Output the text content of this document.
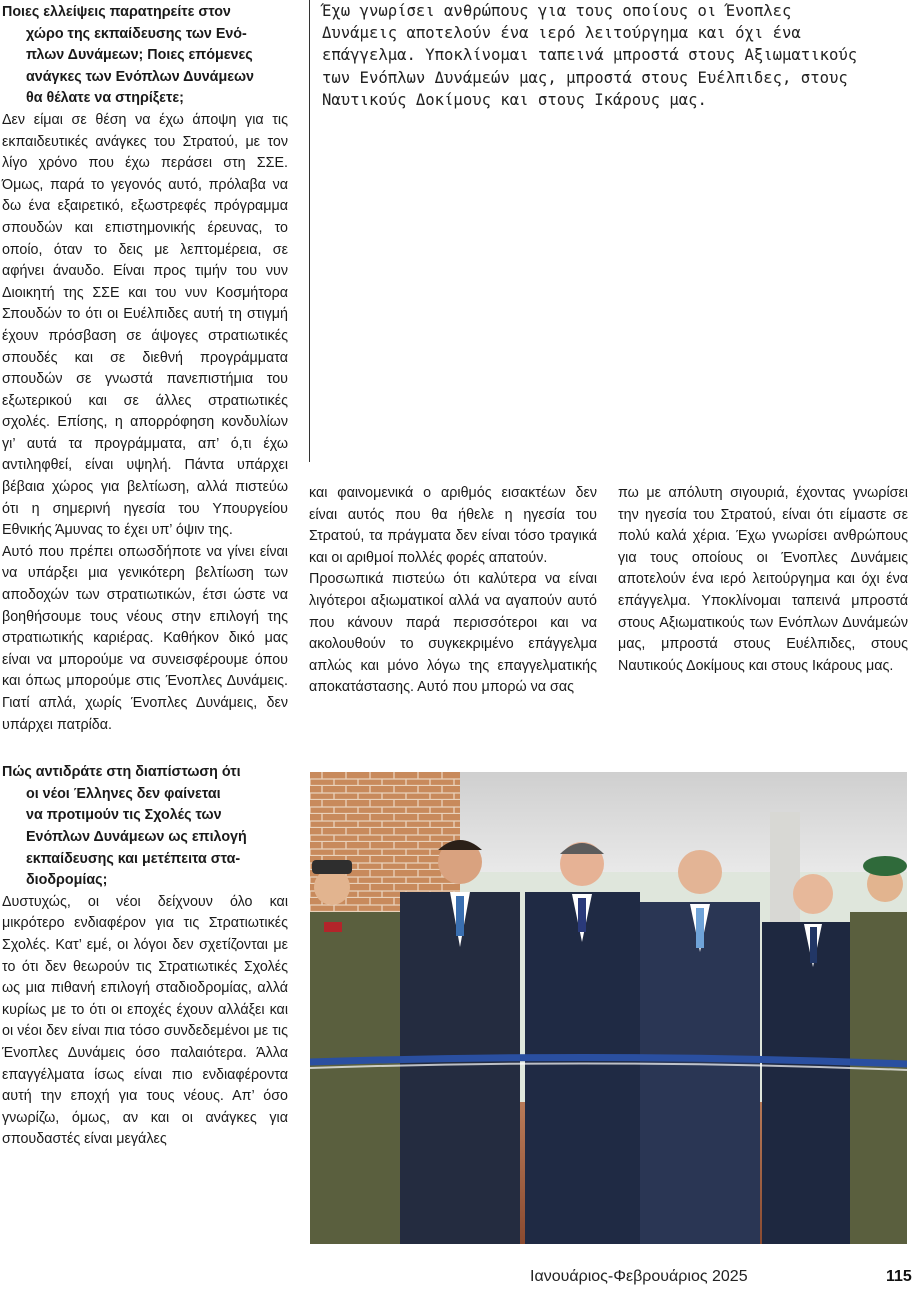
Ποιες ελλείψεις παρατηρείτε στον
χώρο της εκπαίδευσης των Ενό-
πλων Δυνάμεων; Ποιες επόμενες
ανάγκες των Ενόπλων Δυνάμεων
θα θέλατε να στηρίξετε;

Δεν είμαι σε θέση να έχω άποψη για τις εκπαιδευτικές ανάγκες του Στρατού, με τον λίγο χρόνο που έχω περάσει στη ΣΣΕ. Όμως, παρά το γεγονός αυτό, πρόλαβα να δω ένα εξαιρετικό, εξωστρεφές πρόγραμμα σπουδών και επιστημονικής έρευνας, το οποίο, όταν το δεις με λεπτομέρεια, σε αφήνει άναυδο. Είναι προς τιμήν του νυν Διοικητή της ΣΣΕ και του νυν Κοσμήτορα Σπουδών το ότι οι Ευέλπιδες αυτή τη στιγμή έχουν πρόσβαση σε άψογες στρατιωτικές σπουδές και σε διεθνή προγράμματα σπουδών σε γνωστά πανεπιστήμια του εξωτερικού και σε άλλες στρατιωτικές σχολές. Επίσης, η απορρόφηση κονδυλίων γι’ αυτά τα προγράμματα, απ’ ό,τι έχω αντιληφθεί, είναι υψηλή. Πάντα υπάρχει βέβαια χώρος για βελτίωση, αλλά πιστεύω ότι η σημερινή ηγεσία του Υπουργείου Εθνικής Άμυνας το έχει υπ’ όψιν της.

Αυτό που πρέπει οπωσδήποτε να γίνει είναι να υπάρξει μια γενικότερη βελτίωση των αποδοχών των στρατιωτικών, έτσι ώστε να βοηθήσουμε τους νέους στην επιλογή της στρατιωτικής καριέρας. Καθήκον δικό μας είναι να μπορούμε να συνεισφέρουμε όπου και όπως μπορούμε στις Ένοπλες Δυνάμεις. Γιατί απλά, χωρίς Ένοπλες Δυνάμεις, δεν υπάρχει πατρίδα.

Πώς αντιδράτε στη διαπίστωση ότι
οι νέοι Έλληνες δεν φαίνεται
να προτιμούν τις Σχολές των
Ενόπλων Δυνάμεων ως επιλογή
εκπαίδευσης και μετέπειτα στα-
διοδρομίας;

Δυστυχώς, οι νέοι δείχνουν όλο και μικρότερο ενδιαφέρον για τις Στρατιωτικές Σχολές. Κατ’ εμέ, οι λόγοι δεν σχετίζονται με το ότι δεν θεωρούν τις Στρατιωτικές Σχολές ως μια πιθανή επιλογή σταδιοδρομίας, αλλά κυρίως με το ότι οι εποχές έχουν αλλάξει και οι νέοι δεν είναι πια τόσο συνδεδεμένοι με τις Ένοπλες Δυνάμεις όσο παλαιότερα. Άλλα επαγγέλματα ίσως είναι πιο ενδιαφέροντα αυτή την εποχή για τους νέους. Απ’ όσο γνωρίζω, όμως, αν και οι ανάγκες για σπουδαστές είναι μεγάλες

Έχω γνωρίσει ανθρώπους για τους οποίους οι Ένοπλες
Δυνάμεις αποτελούν ένα ιερό λειτούργημα και όχι ένα
επάγγελμα. Υποκλίνομαι ταπεινά μπροστά στους Αξιωματικούς
των Ενόπλων Δυνάμεών μας, μπροστά στους Ευέλπιδες, στους
Ναυτικούς Δοκίμους και στους Ικάρους μας.

και φαινομενικά ο αριθμός εισακτέων δεν είναι αυτός που θα ήθελε η ηγεσία του Στρατού, τα πράγματα δεν είναι τόσο τραγικά και οι αριθμοί πολλές φορές απατούν.

Προσωπικά πιστεύω ότι καλύτερα να είναι λιγότεροι αξιωματικοί αλλά να αγαπούν αυτό που κάνουν παρά περισσότεροι και να ακολουθούν το συγκεκριμένο επάγγελμα απλώς και μόνο λόγω της επαγγελματικής αποκατάστασης. Αυτό που μπορώ να σας

πω με απόλυτη σιγουριά, έχοντας γνωρίσει την ηγεσία του Στρατού, είναι ότι είμαστε σε πολύ καλά χέρια. Έχω γνωρίσει ανθρώπους για τους οποίους οι Ένοπλες Δυνάμεις αποτελούν ένα ιερό λειτούργημα και όχι ένα επάγγελμα. Υποκλίνομαι ταπεινά μπροστά στους Αξιωματικούς των Ενόπλων Δυνάμεών μας, μπροστά στους Ευέλπιδες, στους Ναυτικούς Δοκίμους και στους Ικάρους μας.

Ιανουάριος-Φεβρουάριος 2025	115
